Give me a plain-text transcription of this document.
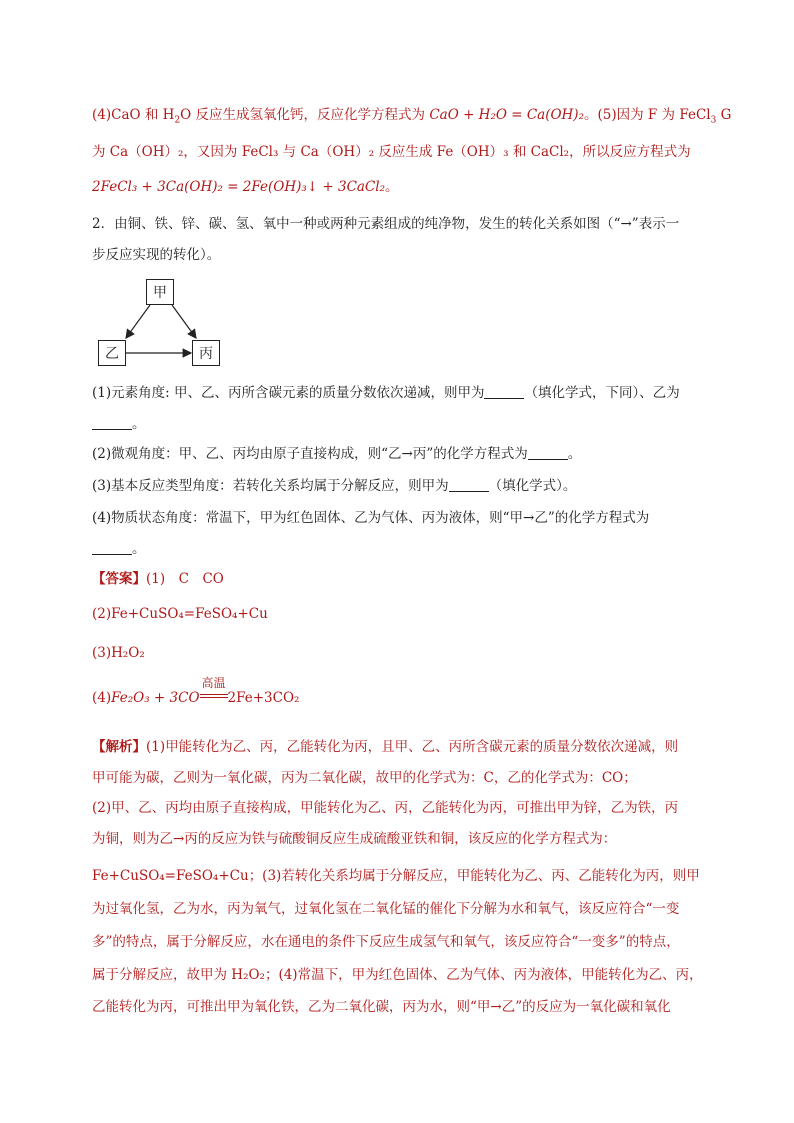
(4)CaO 和 $H_2O$ 反应生成氢氧化钙，反应化学方程式为 CaO + H₂O = Ca(OH)₂。(5)因为 F 为 FeCl$_3$ G
为 Ca（OH）₂，又因为 FeCl₃ 与 Ca（OH）₂ 反应生成 Fe（OH）₃ 和 CaCl₂，所以反应方程式为
2FeCl₃ + 3Ca(OH)₂ = 2Fe(OH)₃↓ + 3CaCl₂。
2．由铜、铁、锌、碳、氢、氧中一种或两种元素组成的纯净物，发生的转化关系如图（“→”表示一
步反应实现的转化）。
甲
乙	丙
(1)元素角度: 甲、乙、丙所含碳元素的质量分数依次递减，则甲为	（填化学式，下同）、乙为
。
(2)微观角度：甲、乙、丙均由原子直接构成，则“乙→丙”的化学方程式为	。
(3)基本反应类型角度：若转化关系均属于分解反应，则甲为	（填化学式）。
(4)物质状态角度：常温下，甲为红色固体、乙为气体、丙为液体，则“甲→乙”的化学方程式为
。
【答案】(1)　C　CO
(2)Fe+CuSO₄=FeSO₄+Cu
(3)H₂O₂
(4)Fe₂O₃ + 3CO
高温
2Fe+3CO₂
【解析】(1)甲能转化为乙、丙，乙能转化为丙，且甲、乙、丙所含碳元素的质量分数依次递减，则
甲可能为碳，乙则为一氧化碳，丙为二氧化碳，故甲的化学式为：C，乙的化学式为：CO；
(2)甲、乙、丙均由原子直接构成，甲能转化为乙、丙，乙能转化为丙，可推出甲为锌，乙为铁，丙
为铜，则为乙→丙的反应为铁与硫酸铜反应生成硫酸亚铁和铜，该反应的化学方程式为：
Fe+CuSO₄=FeSO₄+Cu；(3)若转化关系均属于分解反应，甲能转化为乙、丙、乙能转化为丙，则甲
为过氧化氢，乙为水，丙为氧气，过氧化氢在二氧化锰的催化下分解为水和氧气，该反应符合“一变
多”的特点，属于分解反应，水在通电的条件下反应生成氢气和氧气，该反应符合“一变多”的特点，
属于分解反应，故甲为 H₂O₂；(4)常温下，甲为红色固体、乙为气体、丙为液体，甲能转化为乙、丙，
乙能转化为丙，可推出甲为氧化铁，乙为二氧化碳，丙为水，则“甲→乙”的反应为一氧化碳和氧化
